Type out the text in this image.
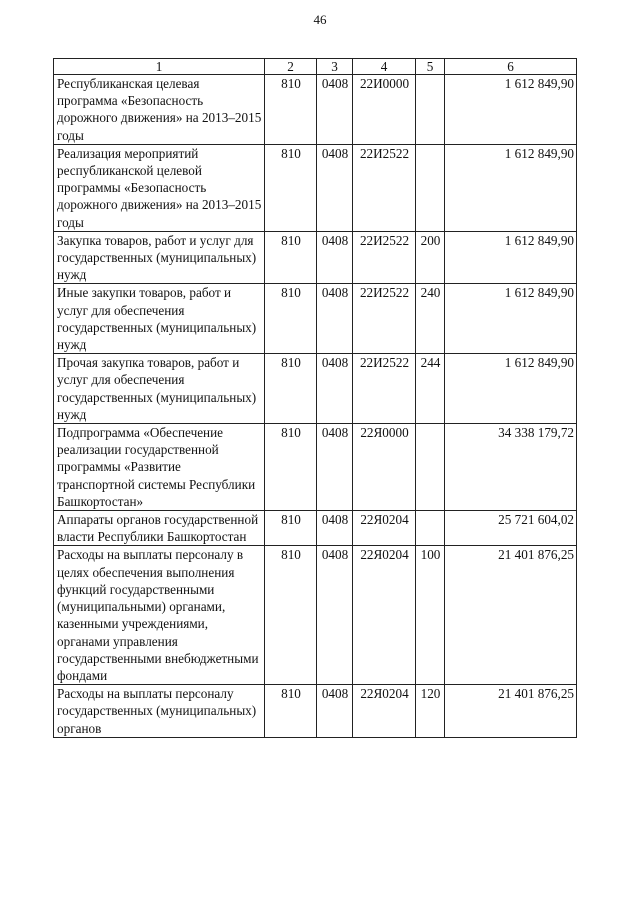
46
1	2	3	4	5	6
Республиканская целевая программа «Безопасность дорожного движения» на 2013–2015 годы	810	0408	22И0000		1 612 849,90
Реализация мероприятий республиканской целевой программы «Безопасность дорожного движения» на 2013–2015 годы	810	0408	22И2522		1 612 849,90
Закупка товаров, работ и услуг для государственных (муниципальных) нужд	810	0408	22И2522	200	1 612 849,90
Иные закупки товаров, работ и услуг для обеспечения государственных (муниципальных) нужд	810	0408	22И2522	240	1 612 849,90
Прочая закупка товаров, работ и услуг для обеспечения государственных (муниципальных) нужд	810	0408	22И2522	244	1 612 849,90
Подпрограмма «Обеспечение реализации государственной программы «Развитие транспортной системы Республики Башкортостан»	810	0408	22Я0000		34 338 179,72
Аппараты органов государственной власти Республики Башкортостан	810	0408	22Я0204		25 721 604,02
Расходы на выплаты персоналу в целях обеспечения выполнения функций государственными (муниципальными) органами, казенными учреждениями, органами управления государственными внебюджетными фондами	810	0408	22Я0204	100	21 401 876,25
Расходы на выплаты персоналу государственных (муниципальных) органов	810	0408	22Я0204	120	21 401 876,25
